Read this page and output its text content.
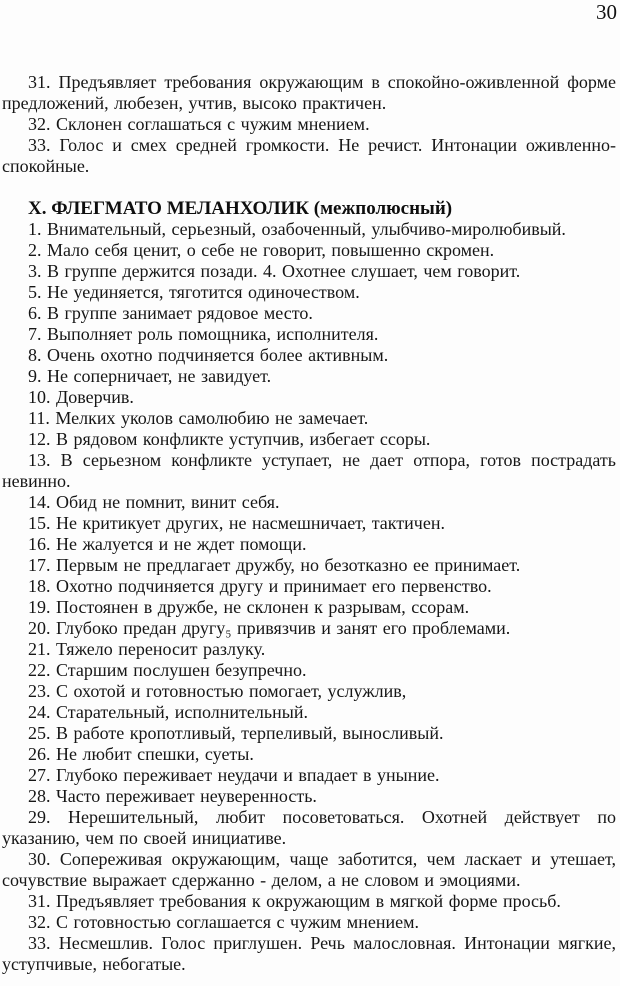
30

31. Предъявляет требования окружающим в спокойно-оживленной форме предложений, любезен, учтив, высоко практичен.

32. Склонен соглашаться с чужим мнением.

33. Голос и смех средней громкости. Не речист. Интонации оживленно-спокойные.

Х. ФЛЕГМАТО МЕЛАНХОЛИК (межполюсный)

1. Внимательный, серьезный, озабоченный, улыбчиво-миролюбивый.

2. Мало себя ценит, о себе не говорит, повышенно скромен.

3. В группе держится позади. 4. Охотнее слушает, чем говорит.

5. Не уединяется, тяготится одиночеством.

6. В группе занимает рядовое место.

7. Выполняет роль помощника, исполнителя.

8. Очень охотно подчиняется более активным.

9. Не соперничает, не завидует.

10. Доверчив.

11. Мелких уколов самолюбию не замечает.

12. В рядовом конфликте уступчив, избегает ссоры.

13. В серьезном конфликте уступает, не дает отпора, готов пострадать невинно.

14. Обид не помнит, винит себя.

15. Не критикует других, не насмешничает, тактичен.

16. Не жалуется и не ждет помощи.

17. Первым не предлагает дружбу, но безотказно ее принимает.

18. Охотно подчиняется другу и принимает его первенство.

19. Постоянен в дружбе, не склонен к разрывам, ссорам.

20. Глубоко предан другу₅ привязчив и занят его проблемами.

21. Тяжело переносит разлуку.

22. Старшим послушен безупречно.

23. С охотой и готовностью помогает, услужлив,

24. Старательный, исполнительный.

25. В работе кропотливый, терпеливый, выносливый.

26. Не любит спешки, суеты.

27. Глубоко переживает неудачи и впадает в уныние.

28. Часто переживает неуверенность.

29. Нерешительный, любит посоветоваться. Охотней действует по указанию, чем по своей инициативе.

30. Сопереживая окружающим, чаще заботится, чем ласкает и утешает, сочувствие выражает сдержанно - делом, а не словом и эмоциями.

31. Предъявляет требования к окружающим в мягкой форме просьб.

32. С готовностью соглашается с чужим мнением.

33. Несмешлив. Голос приглушен. Речь малословная. Интонации мягкие, уступчивые, небогатые.
